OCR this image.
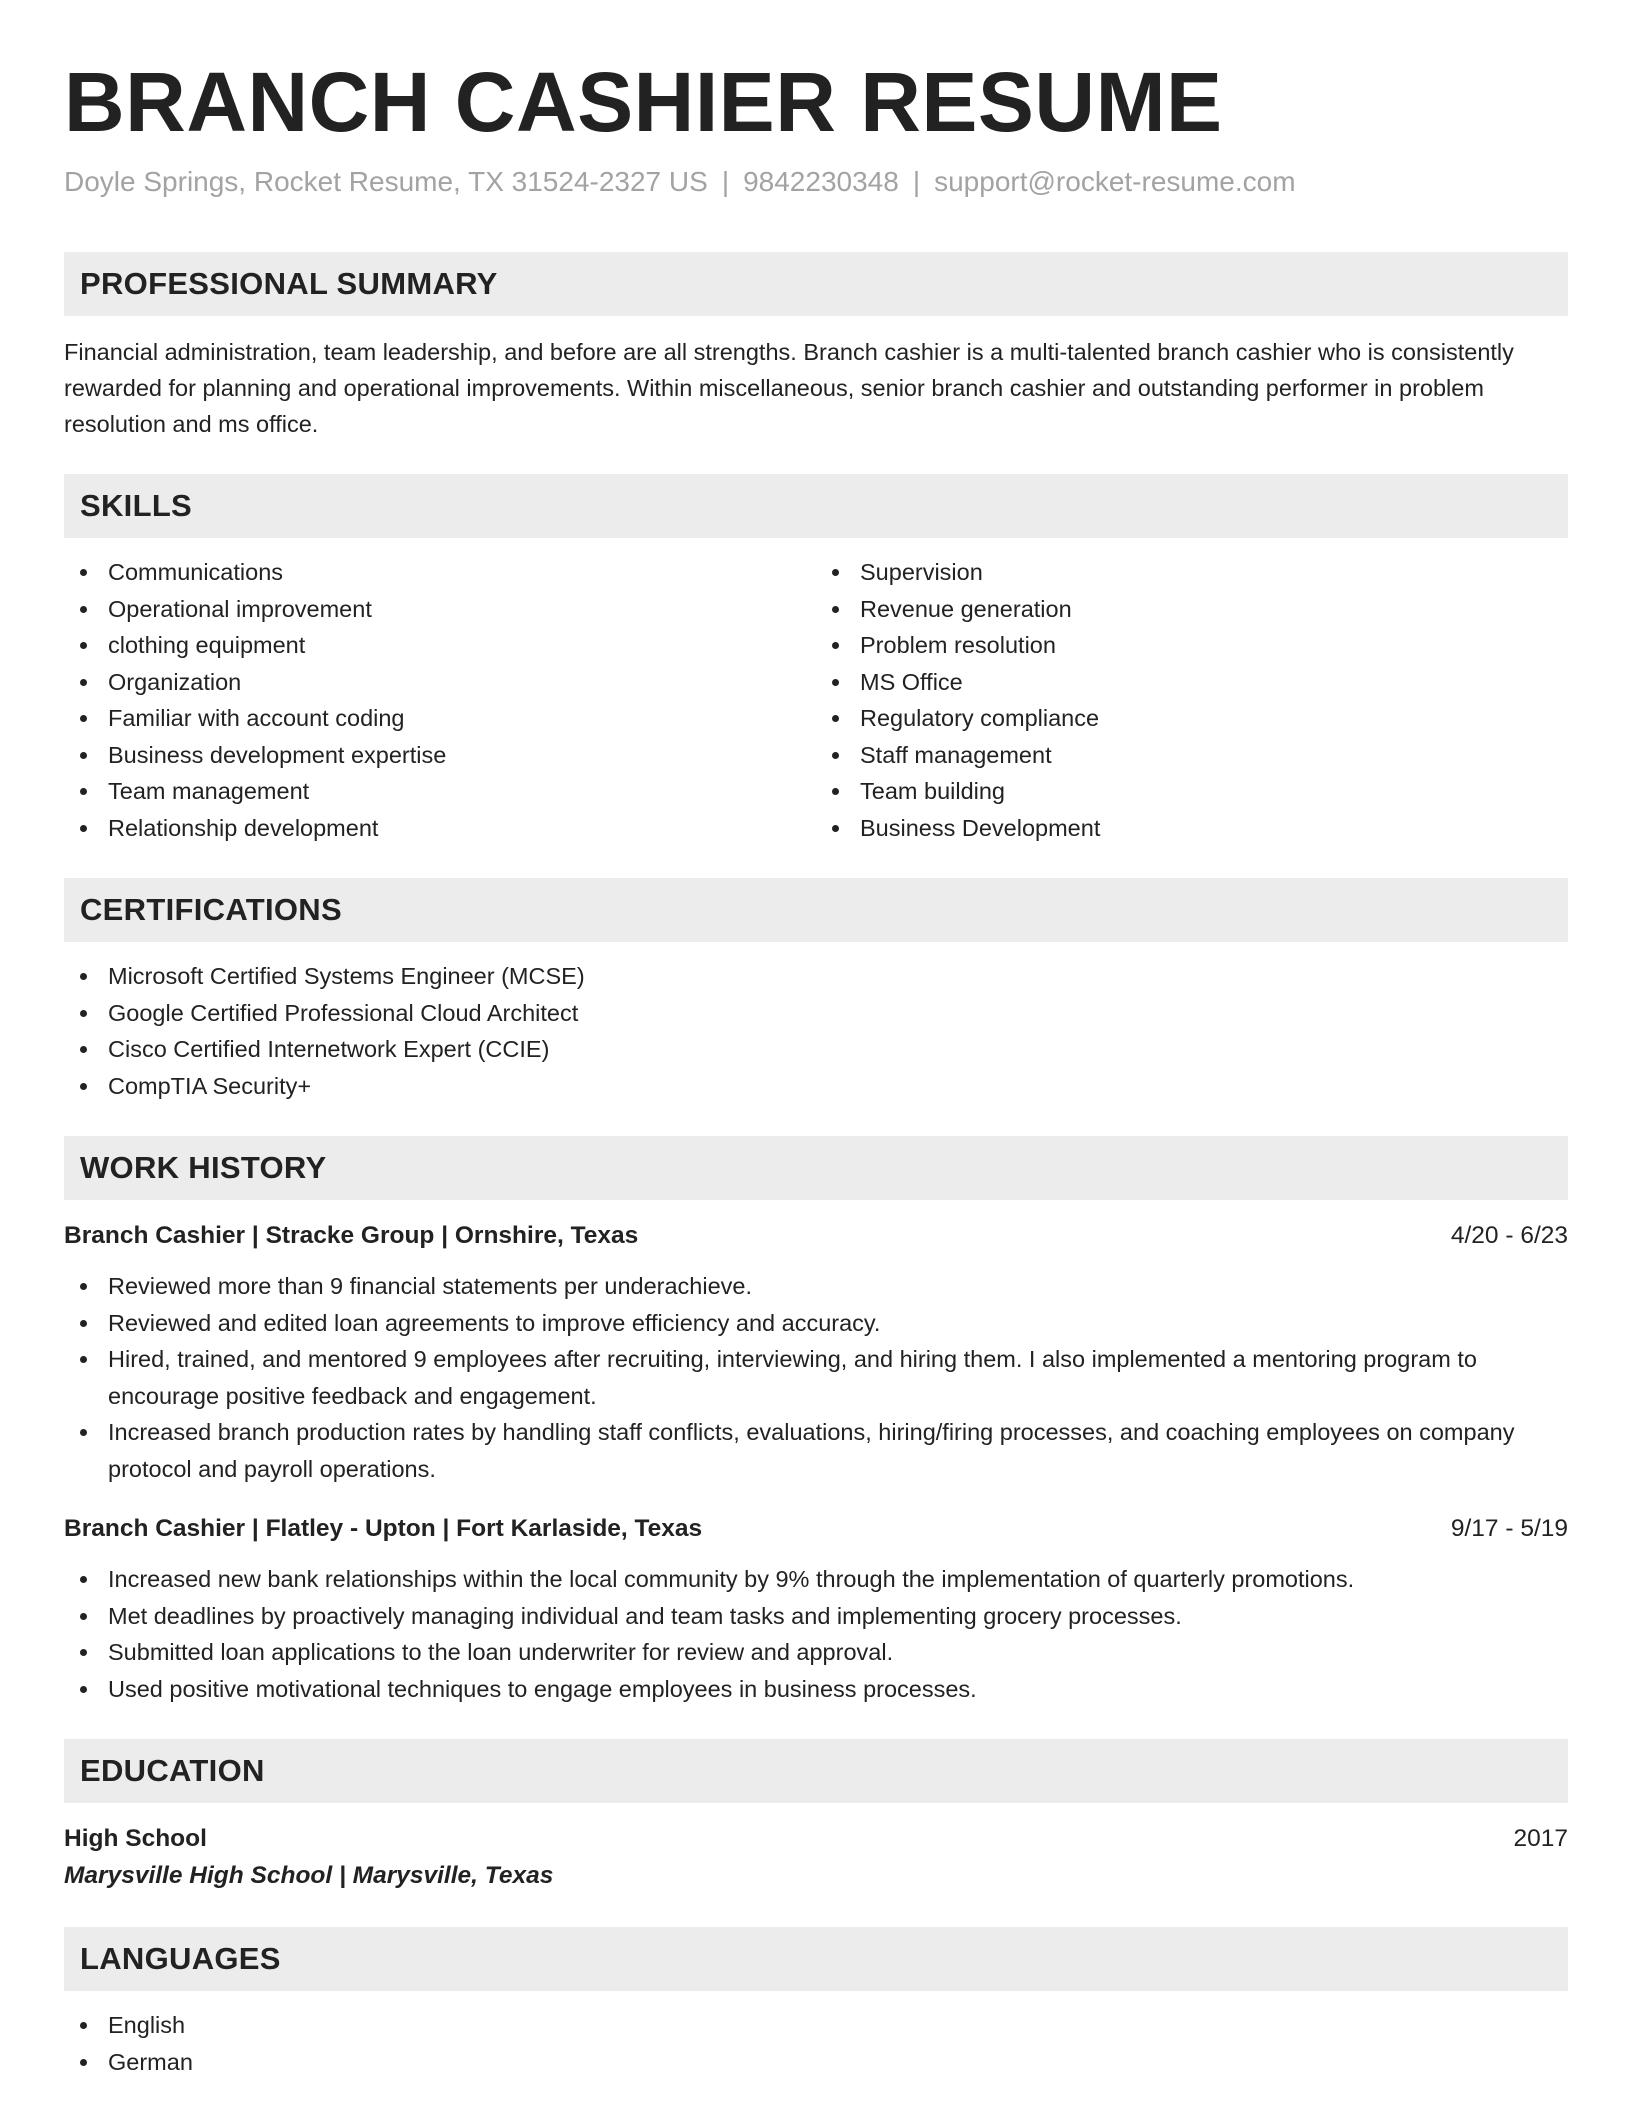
BRANCH CASHIER RESUME
Doyle Springs, Rocket Resume, TX 31524-2327 US | 9842230348 | support@rocket-resume.com
PROFESSIONAL SUMMARY

Financial administration, team leadership, and before are all strengths. Branch cashier is a multi-talented branch cashier who is consistently rewarded for planning and operational improvements. Within miscellaneous, senior branch cashier and outstanding performer in problem resolution and ms office.

SKILLS
Communications
Operational improvement
clothing equipment
Organization
Familiar with account coding
Business development expertise
Team management
Relationship development
Supervision
Revenue generation
Problem resolution
MS Office
Regulatory compliance
Staff management
Team building
Business Development
CERTIFICATIONS
Microsoft Certified Systems Engineer (MCSE)
Google Certified Professional Cloud Architect
Cisco Certified Internetwork Expert (CCIE)
CompTIA Security+
WORK HISTORY
Branch Cashier | Stracke Group | Ornshire, Texas	4/20 - 6/23
Reviewed more than 9 financial statements per underachieve.
Reviewed and edited loan agreements to improve efficiency and accuracy.
Hired, trained, and mentored 9 employees after recruiting, interviewing, and hiring them. I also implemented a mentoring program to encourage positive feedback and engagement.
Increased branch production rates by handling staff conflicts, evaluations, hiring/firing processes, and coaching employees on company protocol and payroll operations.
Branch Cashier | Flatley - Upton | Fort Karlaside, Texas	9/17 - 5/19
Increased new bank relationships within the local community by 9% through the implementation of quarterly promotions.
Met deadlines by proactively managing individual and team tasks and implementing grocery processes.
Submitted loan applications to the loan underwriter for review and approval.
Used positive motivational techniques to engage employees in business processes.
EDUCATION
High School	2017
Marysville High School | Marysville, Texas
LANGUAGES
English
German
